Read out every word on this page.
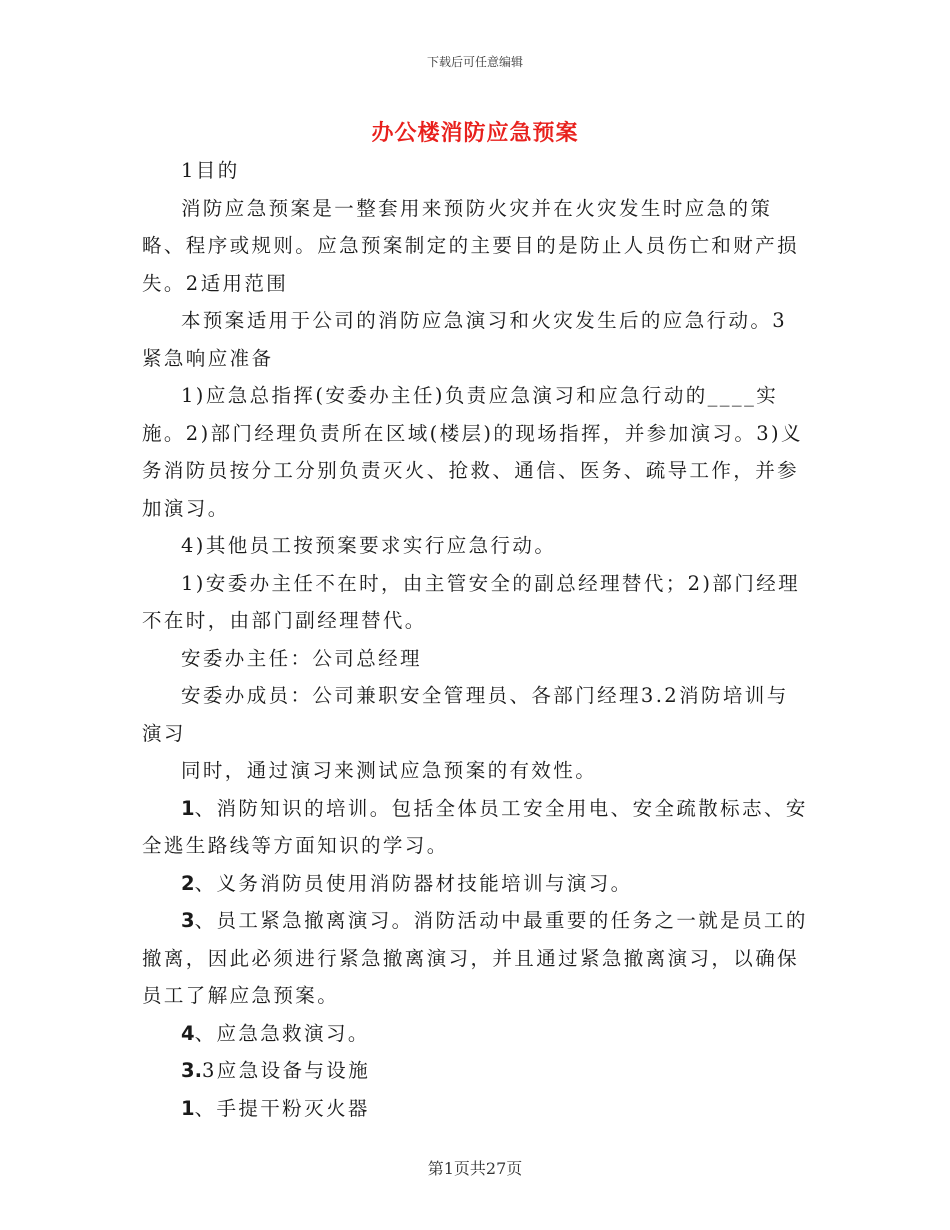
下载后可任意编辑
办公楼消防应急预案

1目的

消防应急预案是一整套用来预防火灾并在火灾发生时应急的策略、程序或规则。应急预案制定的主要目的是防止人员伤亡和财产损失。2适用范围

本预案适用于公司的消防应急演习和火灾发生后的应急行动。3紧急响应准备

1)应急总指挥(安委办主任)负责应急演习和应急行动的____实施。2)部门经理负责所在区域(楼层)的现场指挥，并参加演习。3)义务消防员按分工分别负责灭火、抢救、通信、医务、疏导工作，并参加演习。

4)其他员工按预案要求实行应急行动。

1)安委办主任不在时，由主管安全的副总经理替代；2)部门经理不在时，由部门副经理替代。

安委办主任：公司总经理

安委办成员：公司兼职安全管理员、各部门经理3.2消防培训与演习

同时，通过演习来测试应急预案的有效性。

1、消防知识的培训。包括全体员工安全用电、安全疏散标志、安全逃生路线等方面知识的学习。

2、义务消防员使用消防器材技能培训与演习。

3、员工紧急撤离演习。消防活动中最重要的任务之一就是员工的撤离，因此必须进行紧急撤离演习，并且通过紧急撤离演习，以确保员工了解应急预案。

4、应急急救演习。

3.3应急设备与设施

1、手提干粉灭火器

第1页共27页
